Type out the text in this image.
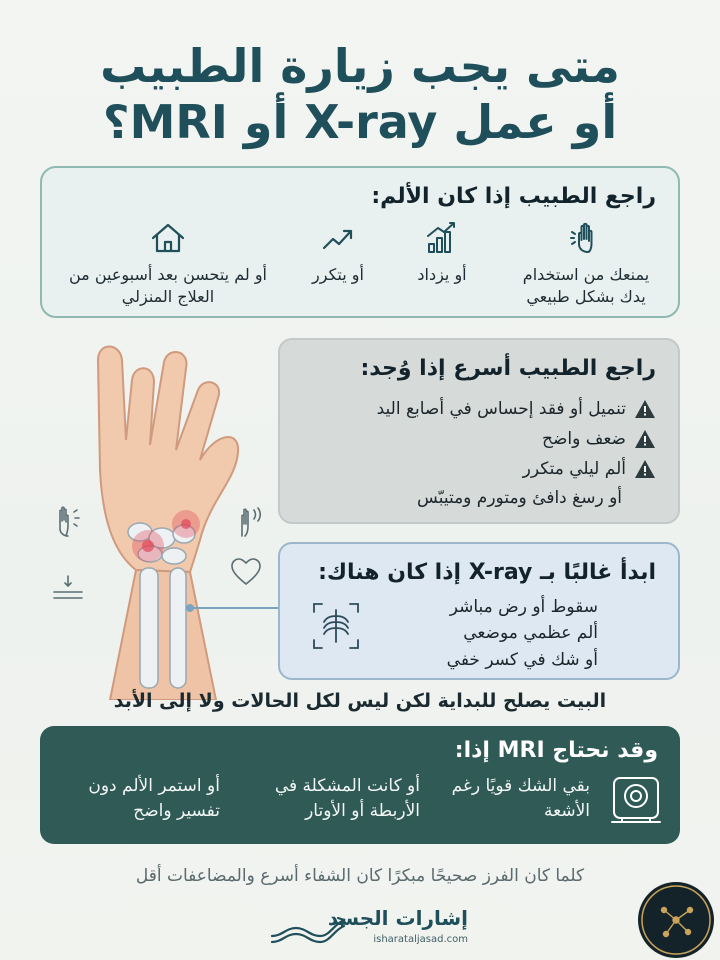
متى يجب زيارة الطبيب
أو عمل X-ray أو MRI؟
راجع الطبيب إذا كان الألم:
يمنعك من استخدام يدك بشكل طبيعي
أو يزداد
أو يتكرر
أو لم يتحسن بعد أسبوعين من العلاج المنزلي
راجع الطبيب أسرع إذا وُجد:
تنميل أو فقد إحساس في أصابع اليد
ضعف واضح
ألم ليلي متكرر
أو رسغ دافئ ومتورم ومتيبّس
ابدأ غالبًا بـ X-ray إذا كان هناك:
سقوط أو رض مباشر
ألم عظمي موضعي
أو شك في كسر خفي
البيت يصلح للبداية لكن ليس لكل الحالات ولا إلى الأبد
وقد نحتاج MRI إذا:
بقي الشك قويًا رغم الأشعة
أو كانت المشكلة في الأربطة أو الأوتار
أو استمر الألم دون تفسير واضح
كلما كان الفرز صحيحًا مبكرًا كان الشفاء أسرع والمضاعفات أقل
إشارات الجسد
isharataljasad.com
